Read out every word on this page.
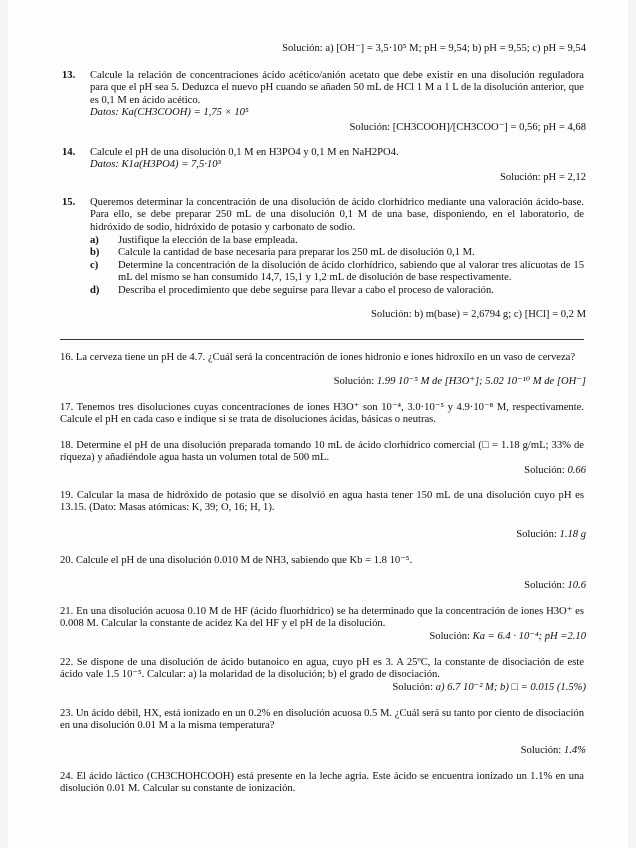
Solución: a) [OH⁻] = 3,5·10⁵ M; pH = 9,54; b) pH = 9,55; c) pH = 9,54

13. Calcule la relación de concentraciones ácido acético/anión acetato que debe existir en una disolución reguladora para que el pH sea 5. Deduzca el nuevo pH cuando se añaden 50 mL de HCl 1 M a 1 L de la disolución anterior, que es 0,1 M en ácido acético.

Datos: Ka(CH3COOH) = 1,75 × 10⁵

Solución: [CH3COOH]/[CH3COO⁻] = 0,56; pH = 4,68

14. Calcule el pH de una disolución 0,1 M en H3PO4 y 0,1 M en NaH2PO4.

Datos: K1a(H3PO4) = 7,5·10³

Solución: pH = 2,12

15. Queremos determinar la concentración de una disolución de ácido clorhídrico mediante una valoración ácido-base. Para ello, se debe preparar 250 mL de una disolución 0,1 M de una base, disponiendo, en el laboratorio, de hidróxido de sodio, hidróxido de potasio y carbonato de sodio.

a) Justifique la elección de la base empleada.

b) Calcule la cantidad de base necesaria para preparar los 250 mL de disolución 0,1 M.

c) Determine la concentración de la disolución de ácido clorhídrico, sabiendo que al valorar tres alícuotas de 15 mL del mismo se han consumido 14,7, 15,1 y 1,2 mL de disolución de base respectivamente.

d) Describa el procedimiento que debe seguirse para llevar a cabo el proceso de valoración.

Solución: b) m(base) = 2,6794 g; c) [HCl] = 0,2 M

16. La cerveza tiene un pH de 4.7. ¿Cuál será la concentración de iones hidronio e iones hidroxilo en un vaso de cerveza?

Solución: 1.99 10⁻⁵ M de [H3O⁺]; 5.02 10⁻¹⁰ M de [OH⁻]

17. Tenemos tres disoluciones cuyas concentraciones de iones H3O⁺ son 10⁻⁴, 3.0·10⁻⁵ y 4.9·10⁻⁸ M, respectivamente. Calcule el pH en cada caso e indique si se trata de disoluciones ácidas, básicas o neutras.

18. Determine el pH de una disolución preparada tomando 10 mL de ácido clorhídrico comercial (□ = 1.18 g/mL; 33% de riqueza) y añadiéndole agua hasta un volumen total de 500 mL.

Solución: 0.66

19. Calcular la masa de hidróxido de potasio que se disolvió en agua hasta tener 150 mL de una disolución cuyo pH es 13.15. (Dato: Masas atómicas: K, 39; O, 16; H, 1).

Solución: 1.18 g

20. Calcule el pH de una disolución 0.010 M de NH3, sabiendo que Kb = 1.8 10⁻⁵.

Solución: 10.6

21. En una disolución acuosa 0.10 M de HF (ácido fluorhídrico) se ha determinado que la concentración de iones H3O⁺ es 0.008 M. Calcular la constante de acidez Ka del HF y el pH de la disolución.

Solución: Ka = 6.4 · 10⁻⁴; pH =2.10

22. Se dispone de una disolución de ácido butanoico en agua, cuyo pH es 3. A 25ºC, la constante de disociación de este ácido vale 1.5 10⁻⁵. Calcular: a) la molaridad de la disolución; b) el grado de disociación.

Solución: a) 6.7 10⁻² M; b) □ = 0.015 (1.5%)

23. Un ácido débil, HX, está ionizado en un 0.2% en disolución acuosa 0.5 M. ¿Cuál será su tanto por ciento de disociación en una disolución 0.01 M a la misma temperatura?

Solución: 1.4%

24. El ácido láctico (CH3CHOHCOOH) está presente en la leche agria. Este ácido se encuentra ionizado un 1.1% en una disolución 0.01 M. Calcular su constante de ionización.
